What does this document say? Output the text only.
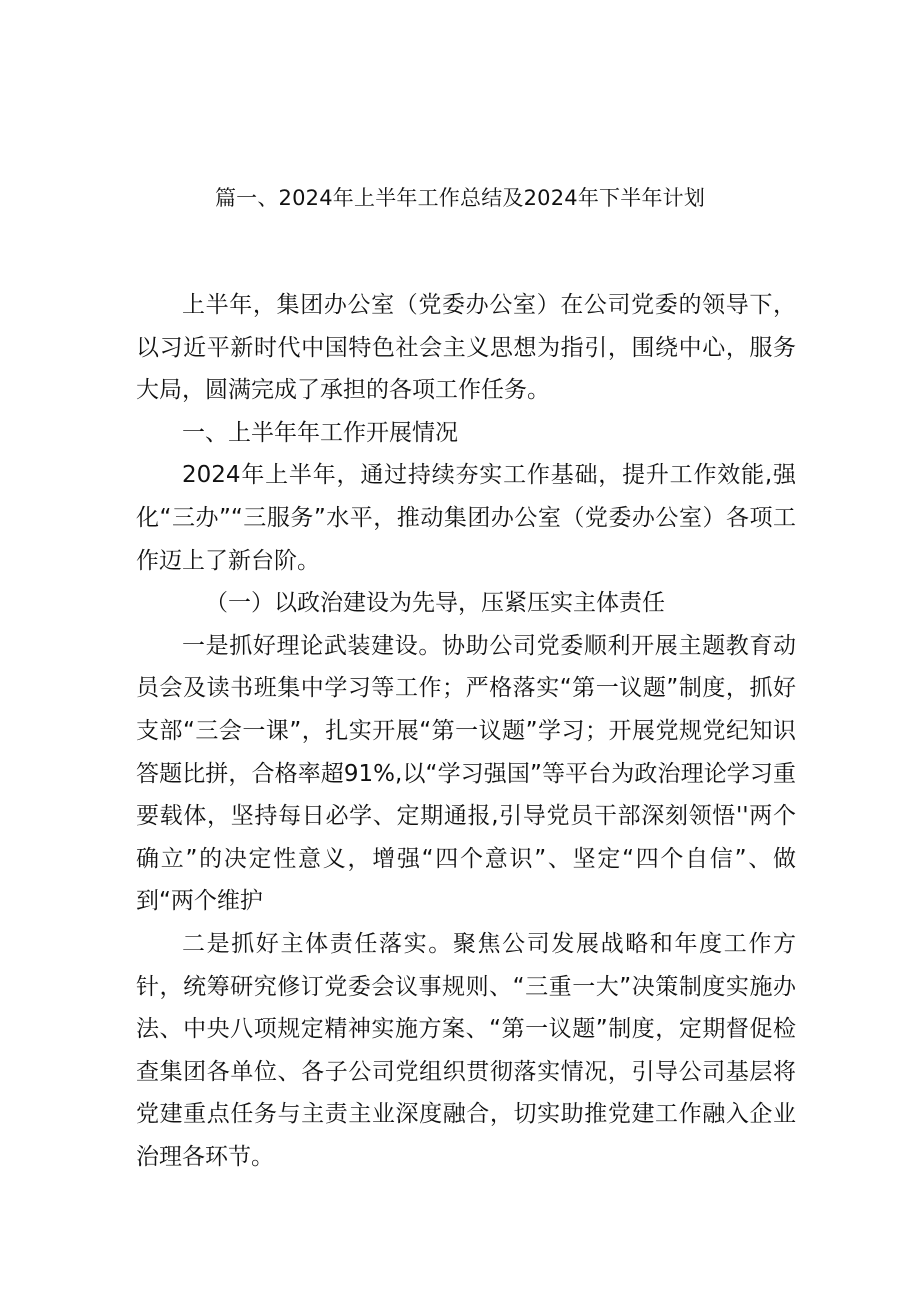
篇一、2024年上半年工作总结及2024年下半年计划

上半年，集团办公室（党委办公室）在公司党委的领导下，以习近平新时代中国特色社会主义思想为指引，围绕中心，服务大局，圆满完成了承担的各项工作任务。

一、上半年年工作开展情况

2024年上半年，通过持续夯实工作基础，提升工作效能,强化“三办”“三服务”水平，推动集团办公室（党委办公室）各项工作迈上了新台阶。

（一）以政治建设为先导，压紧压实主体责任

一是抓好理论武装建设。协助公司党委顺利开展主题教育动员会及读书班集中学习等工作；严格落实“第一议题”制度，抓好支部“三会一课”，扎实开展“第一议题”学习；开展党规党纪知识答题比拼，合格率超91%,以“学习强国”等平台为政治理论学习重要载体，坚持每日必学、定期通报,引导党员干部深刻领悟''两个确立”的决定性意义，增强“四个意识”、坚定“四个自信”、做到“两个维护

二是抓好主体责任落实。聚焦公司发展战略和年度工作方针，统筹研究修订党委会议事规则、“三重一大”决策制度实施办法、中央八项规定精神实施方案、“第一议题”制度，定期督促检查集团各单位、各子公司党组织贯彻落实情况，引导公司基层将党建重点任务与主责主业深度融合，切实助推党建工作融入企业治理各环节。
